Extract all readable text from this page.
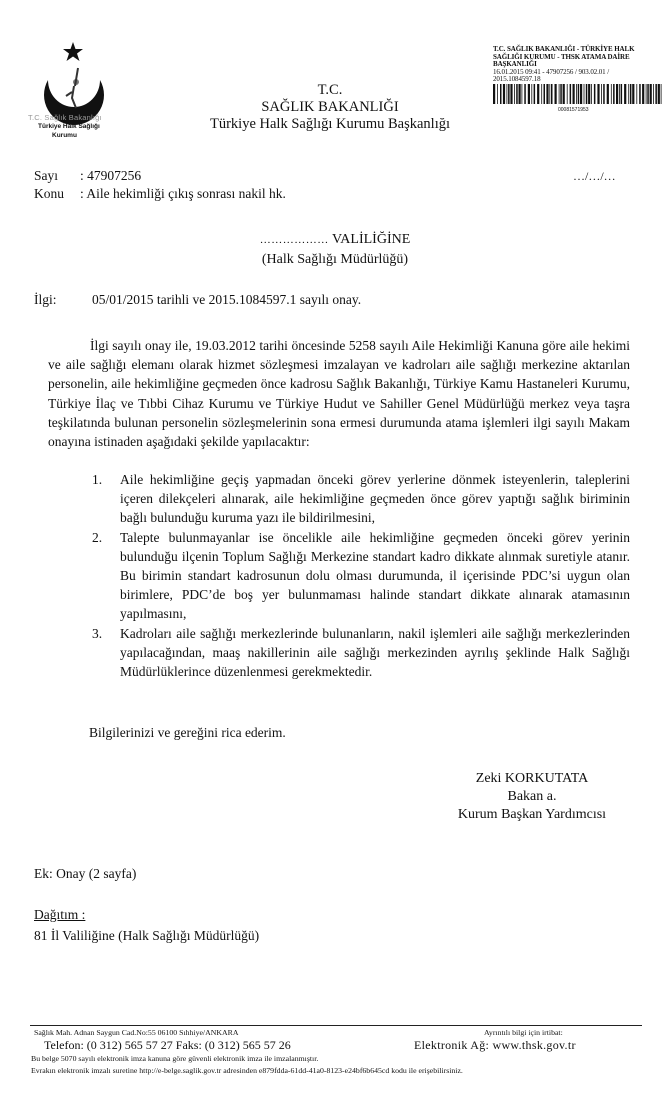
T.C. Sağlık Bakanlığı
Türkiye Halk Sağlığı
Kurumu
T.C.
SAĞLIK BAKANLIĞI
Türkiye Halk Sağlığı Kurumu Başkanlığı
T.C. SAĞLIK BAKANLIĞI - TÜRKİYE HALK
SAĞLIĞI KURUMU - THSK ATAMA DAİRE
BAŞKANLIĞI
16.01.2015 09:41 - 47907256 / 903.02.01 /
2015.1084597.18
00081571953
Sayı : 47907256
Konu : Aile hekimliği çıkış sonrası nakil hk.
…/…/…
……………… VALİLİĞİNE
(Halk Sağlığı Müdürlüğü)
İlgi:	05/01/2015 tarihli ve 2015.1084597.1 sayılı onay.

İlgi sayılı onay ile, 19.03.2012 tarihi öncesinde 5258 sayılı Aile Hekimliği Kanuna göre aile hekimi ve aile sağlığı elemanı olarak hizmet sözleşmesi imzalayan ve kadroları aile sağlığı merkezine aktarılan personelin, aile hekimliğine geçmeden önce kadrosu Sağlık Bakanlığı, Türkiye Kamu Hastaneleri Kurumu, Türkiye İlaç ve Tıbbi Cihaz Kurumu ve Türkiye Hudut ve Sahiller Genel Müdürlüğü merkez veya taşra teşkilatında bulunan personelin sözleşmelerinin sona ermesi durumunda atama işlemleri ilgi sayılı Makam onayına istinaden aşağıdaki şekilde yapılacaktır:

1. Aile hekimliğine geçiş yapmadan önceki görev yerlerine dönmek isteyenlerin, taleplerini içeren dilekçeleri alınarak, aile hekimliğine geçmeden önce görev yaptığı sağlık biriminin bağlı bulunduğu kuruma yazı ile bildirilmesini,
2. Talepte bulunmayanlar ise öncelikle aile hekimliğine geçmeden önceki görev yerinin bulunduğu ilçenin Toplum Sağlığı Merkezine standart kadro dikkate alınmak suretiyle atanır. Bu birimin standart kadrosunun dolu olması durumunda, il içerisinde PDC’si uygun olan birimlere, PDC’de boş yer bulunmaması halinde standart dikkate alınarak atamasının yapılmasını,
3. Kadroları aile sağlığı merkezlerinde bulunanların, nakil işlemleri aile sağlığı merkezlerinden yapılacağından, maaş nakillerinin aile sağlığı merkezinden ayrılış şeklinde Halk Sağlığı Müdürlüklerince düzenlenmesi gerekmektedir.
Bilgilerinizi ve gereğini rica ederim.
Zeki KORKUTATA
Bakan a.
Kurum Başkan Yardımcısı
Ek: Onay (2 sayfa)
Dağıtım :
81 İl Valiliğine (Halk Sağlığı Müdürlüğü)
Sağlık Mah. Adnan Saygun Cad.No:55 06100 Sıhhiye/ANKARA	Ayrıntılı bilgi için irtibat:
Telefon: (0 312) 565 57 27 Faks: (0 312) 565 57 26	Elektronik Ağ: www.thsk.gov.tr
Bu belge 5070 sayılı elektronik imza kanuna göre güvenli elektronik imza ile imzalanmıştır.
Evrakın elektronik imzalı suretine http://e-belge.saglik.gov.tr adresinden e879fdda-61dd-41a0-8123-e24bf6b645cd kodu ile erişebilirsiniz.
